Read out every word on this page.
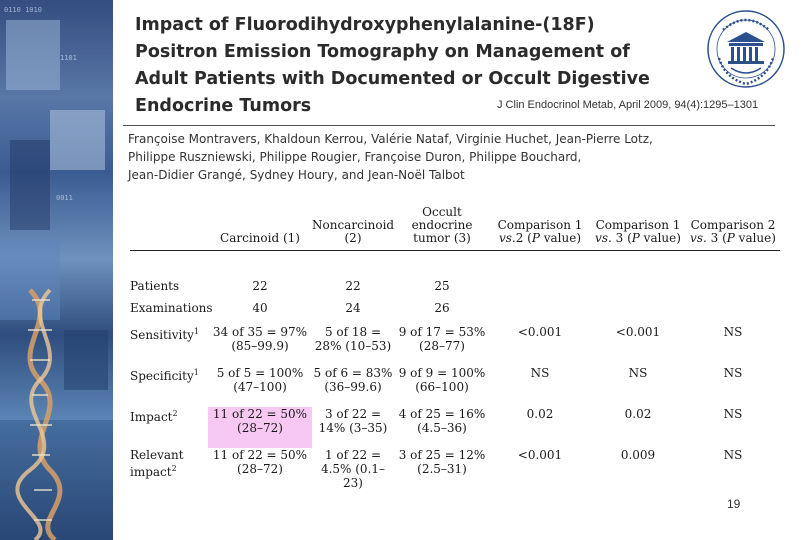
0110 1010
1101
0011
Impact of Fluorodihydroxyphenylalanine-(18F)
Positron Emission Tomography on Management of
Adult Patients with Documented or Occult Digestive
Endocrine Tumors	J Clin Endocrinol Metab, April 2009, 94(4):1295–1301

Françoise Montravers, Khaldoun Kerrou, Valérie Nataf, Virginie Huchet, Jean-Pierre Lotz,
Philippe Ruszniewski, Philippe Rougier, Françoise Duron, Philippe Bouchard,
Jean-Didier Grangé, Sydney Houry, and Jean-Noël Talbot

	Carcinoid (1)	Noncarcinoid
(2)	Occult
endocrine
tumor (3)	Comparison 1
vs.2 (P value)	Comparison 1
vs. 3 (P value)	Comparison 2
vs. 3 (P value)

Patients	22	22	25			
Examinations	40	24	26			

Sensitivity$^1$	34 of 35 = 97%
(85–99.9)	5 of 18 =
28% (10–53)	9 of 17 = 53%
(28–77)	<0.001	<0.001	NS
Specificity$^1$	5 of 5 = 100%
(47–100)	5 of 6 = 83%
(36–99.6)	9 of 9 = 100%
(66–100)	NS	NS	NS
Impact$^2$	11 of 22 = 50%
(28–72)	3 of 22 =
14% (3–35)	4 of 25 = 16%
(4.5–36)	0.02	0.02	NS
Relevant
impact$^2$	11 of 22 = 50%
(28–72)	1 of 22 =
4.5% (0.1–
23)	3 of 25 = 12%
(2.5–31)	<0.001	0.009	NS
19
